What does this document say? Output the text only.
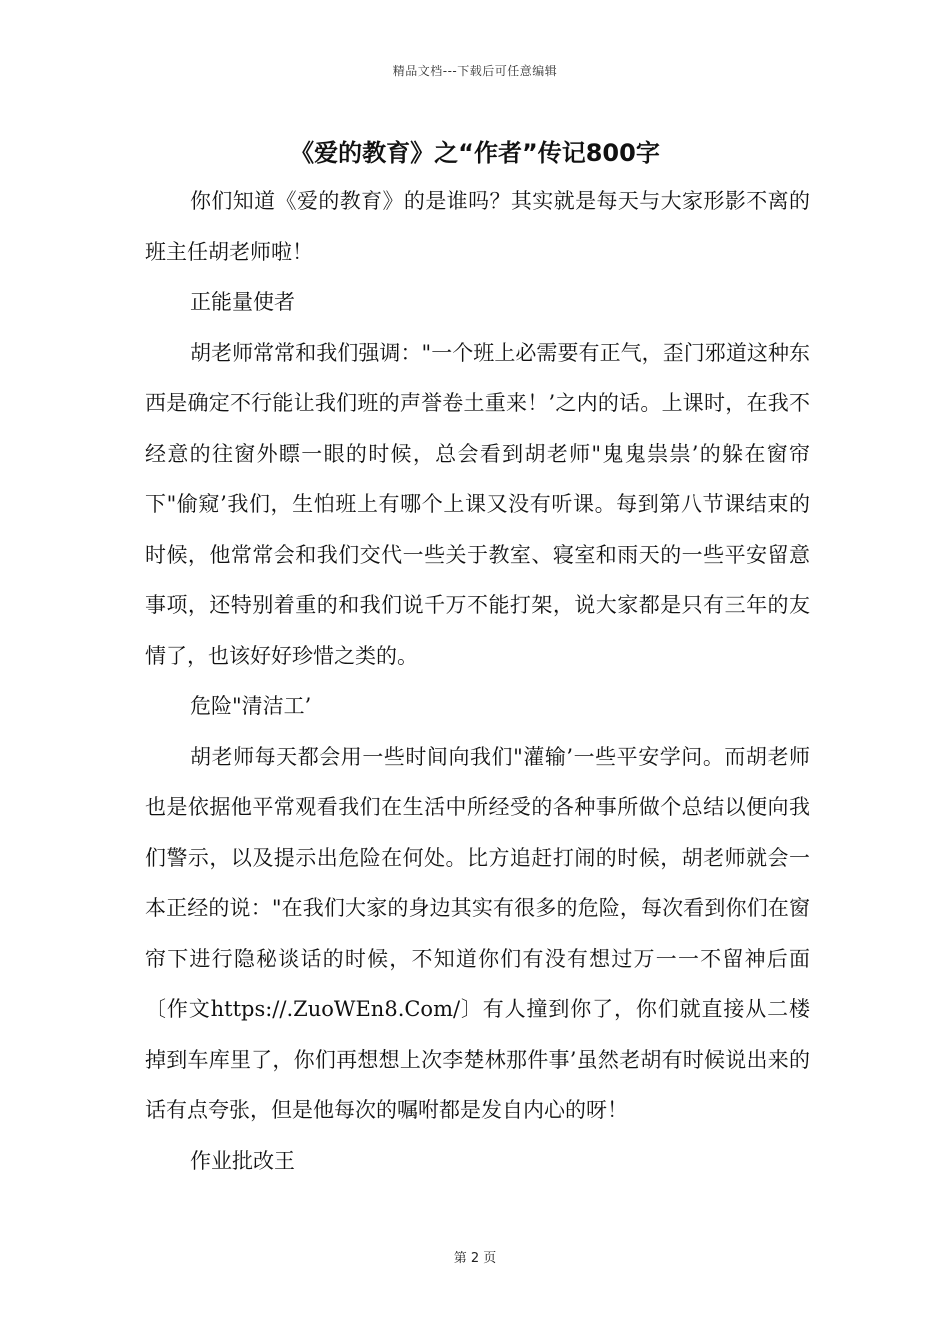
精品文档---下载后可任意编辑
《爱的教育》之“作者”传记800字

你们知道《爱的教育》的是谁吗？其实就是每天与大家形影不离的班主任胡老师啦！

正能量使者

胡老师常常和我们强调："一个班上必需要有正气，歪门邪道这种东西是确定不行能让我们班的声誉卷土重来！’之内的话。上课时，在我不经意的往窗外瞟一眼的时候，总会看到胡老师"鬼鬼祟祟’的躲在窗帘下"偷窥’我们，生怕班上有哪个上课又没有听课。每到第八节课结束的时候，他常常会和我们交代一些关于教室、寝室和雨天的一些平安留意事项，还特别着重的和我们说千万不能打架，说大家都是只有三年的友情了，也该好好珍惜之类的。

危险"清洁工’

胡老师每天都会用一些时间向我们"灌输’一些平安学问。而胡老师也是依据他平常观看我们在生活中所经受的各种事所做个总结以便向我们警示，以及提示出危险在何处。比方追赶打闹的时候，胡老师就会一本正经的说："在我们大家的身边其实有很多的危险，每次看到你们在窗帘下进行隐秘谈话的时候，不知道你们有没有想过万一一不留神后面〔作文https://.ZuoWEn8.Com/〕有人撞到你了，你们就直接从二楼掉到车库里了，你们再想想上次李楚林那件事’虽然老胡有时候说出来的话有点夸张，但是他每次的嘱咐都是发自内心的呀！

作业批改王

第 2 页
